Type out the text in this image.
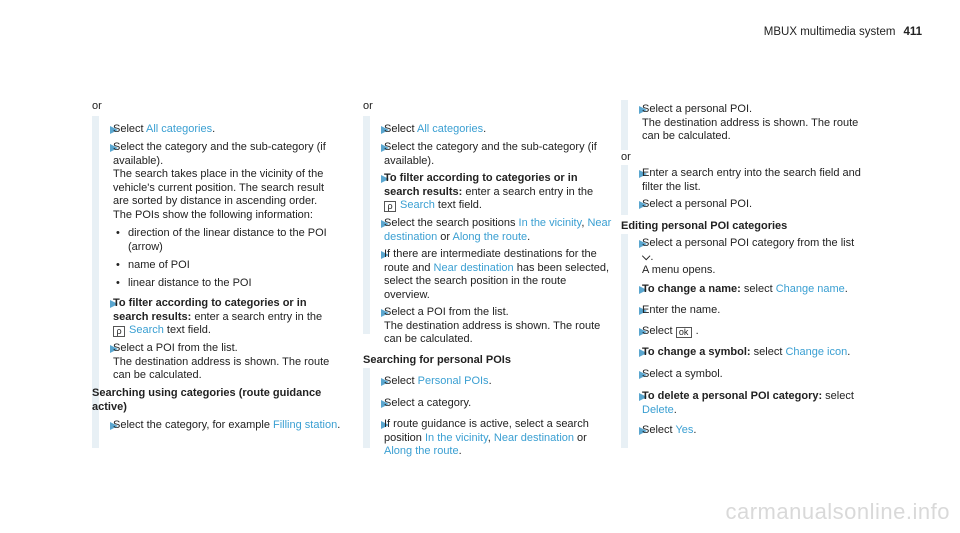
MBUX multimedia system 411

or

Select All categories.

Select the category and the sub-category (if available).
The search takes place in the vicinity of the vehicle's current position. The search result are sorted by distance in ascending order.

The POIs show the following information:

• direction of the linear distance to the POI (arrow)

• name of POI

• linear distance to the POI

To filter according to categories or in search results: enter a search entry in the
ρ Search text field.

Select a POI from the list.
The destination address is shown. The route can be calculated.

Searching using categories (route guidance active)

Select the category, for example Filling station.

or

Select All categories.

Select the category and the sub-category (if available).

To filter according to categories or in search results: enter a search entry in the
ρ Search text field.

Select the search positions In the vicinity, Near destination or Along the route.

If there are intermediate destinations for the route and Near destination has been selected, select the search position in the route overview.

Select a POI from the list.
The destination address is shown. The route can be calculated.

Searching for personal POIs

Select Personal POIs.

Select a category.

If route guidance is active, select a search position In the vicinity, Near destination or Along the route.

Select a personal POI.
The destination address is shown. The route can be calculated.

or

Enter a search entry into the search field and filter the list.

Select a personal POI.

Editing personal POI categories

Select a personal POI category from the list
⌵.
A menu opens.

To change a name: select Change name.

Enter the name.

Select ok .

To change a symbol: select Change icon.

Select a symbol.

To delete a personal POI category: select Delete.

Select Yes.

carmanualsonline.info
